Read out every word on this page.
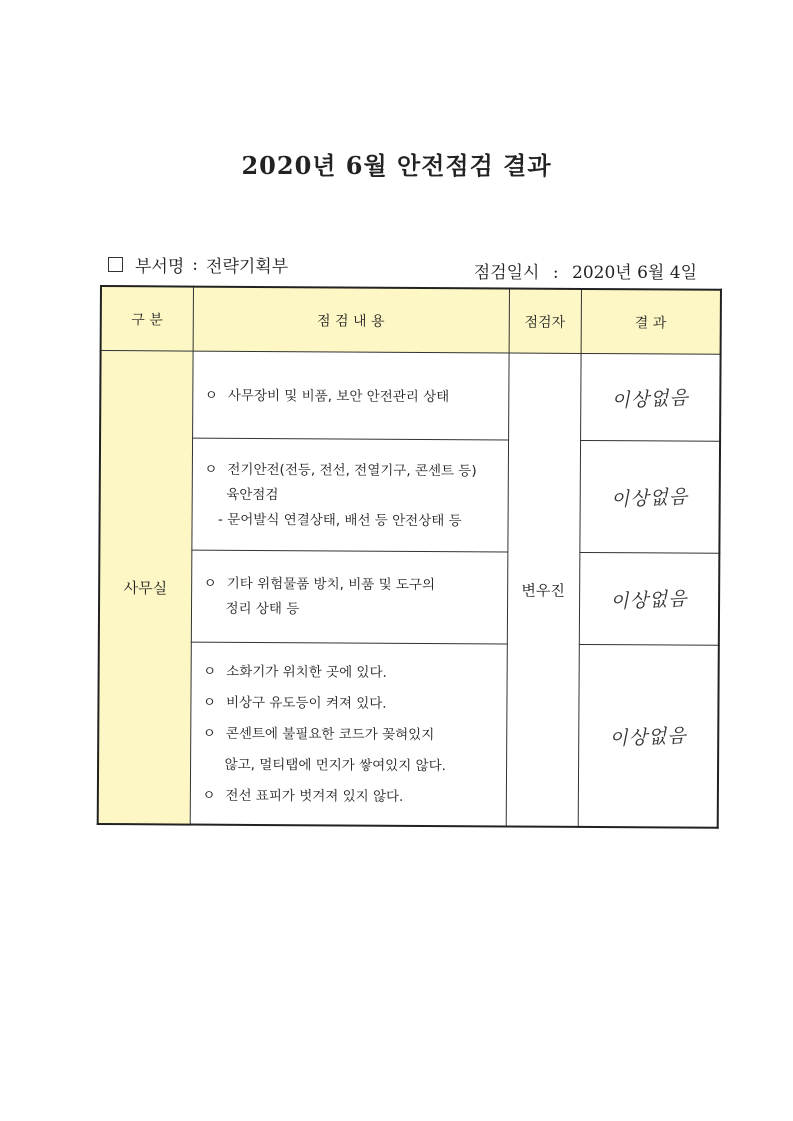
2020년 6월 안전점검 결과
부서명 : 전략기획부	점검일시 : 2020년 6월 4일
구 분	점 검 내 용	점검자	결 과
사무실	ㅇ 사무장비 및 비품, 보안 안전관리 상태	변우진	이상없음

	ㅇ 전기안전(전등, 전선, 전열기구, 콘센트 등)
육안점검
- 문어발식 연결상태, 배선 등 안전상태 등		이상없음

	ㅇ 기타 위험물품 방치, 비품 및 도구의
정리 상태 등		이상없음

	ㅇ 소화기가 위치한 곳에 있다.
ㅇ 비상구 유도등이 켜져 있다.
ㅇ 콘센트에 불필요한 코드가 꽂혀있지
않고, 멀티탭에 먼지가 쌓여있지 않다.
ㅇ 전선 표피가 벗겨져 있지 않다.		이상없음
